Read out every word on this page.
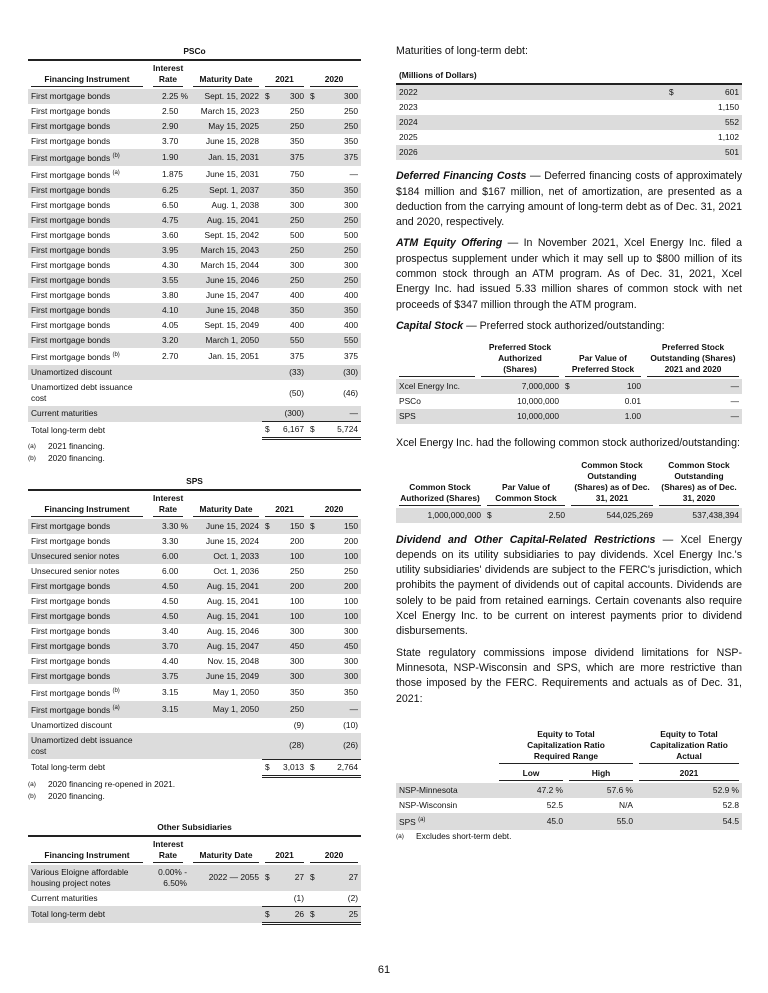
PSCo
Financing Instrument	Interest Rate	Maturity Date	2021		2020	

First mortgage bonds	2.25 %	Sept. 15, 2022	$	300	$	300
First mortgage bonds	2.50	March 15, 2023		250		250
First mortgage bonds	2.90	May 15, 2025		250		250
First mortgage bonds	3.70	June 15, 2028		350		350
First mortgage bonds $^{(b)}$	1.90	Jan. 15, 2031		375		375
First mortgage bonds $^{(a)}$	1.875	June 15, 2031		750		—
First mortgage bonds	6.25	Sept. 1, 2037		350		350
First mortgage bonds	6.50	Aug. 1, 2038		300		300
First mortgage bonds	4.75	Aug. 15, 2041		250		250
First mortgage bonds	3.60	Sept. 15, 2042		500		500
First mortgage bonds	3.95	March 15, 2043		250		250
First mortgage bonds	4.30	March 15, 2044		300		300
First mortgage bonds	3.55	June 15, 2046		250		250
First mortgage bonds	3.80	June 15, 2047		400		400
First mortgage bonds	4.10	June 15, 2048		350		350
First mortgage bonds	4.05	Sept. 15, 2049		400		400
First mortgage bonds	3.20	March 1, 2050		550		550
First mortgage bonds $^{(b)}$	2.70	Jan. 15, 2051		375		375
Unamortized discount				(33)		(30)
Unamortized debt issuance cost				(50)		(46)
Current maturities				(300)		—
Total long-term debt			$	6,167	$	5,724
(a)	2021 financing.
(b)	2020 financing.
SPS
Financing Instrument	Interest Rate	Maturity Date	2021		2020	

First mortgage bonds	3.30 %	June 15, 2024	$	150	$	150
First mortgage bonds	3.30	June 15, 2024		200		200
Unsecured senior notes	6.00	Oct. 1, 2033		100		100
Unsecured senior notes	6.00	Oct. 1, 2036		250		250
First mortgage bonds	4.50	Aug. 15, 2041		200		200
First mortgage bonds	4.50	Aug. 15, 2041		100		100
First mortgage bonds	4.50	Aug. 15, 2041		100		100
First mortgage bonds	3.40	Aug. 15, 2046		300		300
First mortgage bonds	3.70	Aug. 15, 2047		450		450
First mortgage bonds	4.40	Nov. 15, 2048		300		300
First mortgage bonds	3.75	June 15, 2049		300		300
First mortgage bonds $^{(b)}$	3.15	May 1, 2050		350		350
First mortgage bonds $^{(a)}$	3.15	May 1, 2050		250		—
Unamortized discount				(9)		(10)
Unamortized debt issuance cost				(28)		(26)
Total long-term debt			$	3,013	$	2,764
(a)	2020 financing re-opened in 2021.
(b)	2020 financing.
Other Subsidiaries
Financing Instrument	Interest Rate	Maturity Date	2021		2020	

Various Eloigne affordable housing project notes	0.00% - 6.50%	2022 — 2055	$	27	$	27
Current maturities				(1)		(2)
Total long-term debt			$	26	$	25

Maturities of long-term debt:

(Millions of Dollars)		
2022	$	601
2023		1,150
2024		552
2025		1,102
2026		501

Deferred Financing Costs — Deferred financing costs of approximately $184 million and $167 million, net of amortization, are presented as a deduction from the carrying amount of long-term debt as of Dec. 31, 2021 and 2020, respectively.

ATM Equity Offering — In November 2021, Xcel Energy Inc. filed a prospectus supplement under which it may sell up to $800 million of its common stock through an ATM program. As of Dec. 31, 2021, Xcel Energy Inc. had issued 5.33 million shares of common stock with net proceeds of $347 million through the ATM program.

Capital Stock — Preferred stock authorized/outstanding:

	Preferred Stock Authorized (Shares)	Par Value of Preferred Stock		Preferred Stock Outstanding (Shares) 2021 and 2020

Xcel Energy Inc.	7,000,000	$	100	—
PSCo	10,000,000		0.01	—
SPS	10,000,000		1.00	—

Xcel Energy Inc. had the following common stock authorized/outstanding:

Common Stock Authorized (Shares)	Par Value of Common Stock		Common Stock Outstanding (Shares) as of Dec. 31, 2021	Common Stock Outstanding (Shares) as of Dec. 31, 2020

1,000,000,000	$	2.50	544,025,269	537,438,394

Dividend and Other Capital-Related Restrictions — Xcel Energy depends on its utility subsidiaries to pay dividends. Xcel Energy Inc.'s utility subsidiaries' dividends are subject to the FERC's jurisdiction, which prohibits the payment of dividends out of capital accounts. Dividends are solely to be paid from retained earnings. Certain covenants also require Xcel Energy Inc. to be current on interest payments prior to dividend disbursements.

State regulatory commissions impose dividend limitations for NSP-Minnesota, NSP-Wisconsin and SPS, which are more restrictive than those imposed by the FERC. Requirements and actuals as of Dec. 31, 2021:

	Equity to Total Capitalization Ratio Required Range		Equity to Total Capitalization Ratio Actual

	Low	High	2021

NSP-Minnesota	47.2 %	57.6 %	52.9 %
NSP-Wisconsin	52.5	N/A	52.8
SPS $^{(a)}$	45.0	55.0	54.5
(a)	Excludes short-term debt.
61
